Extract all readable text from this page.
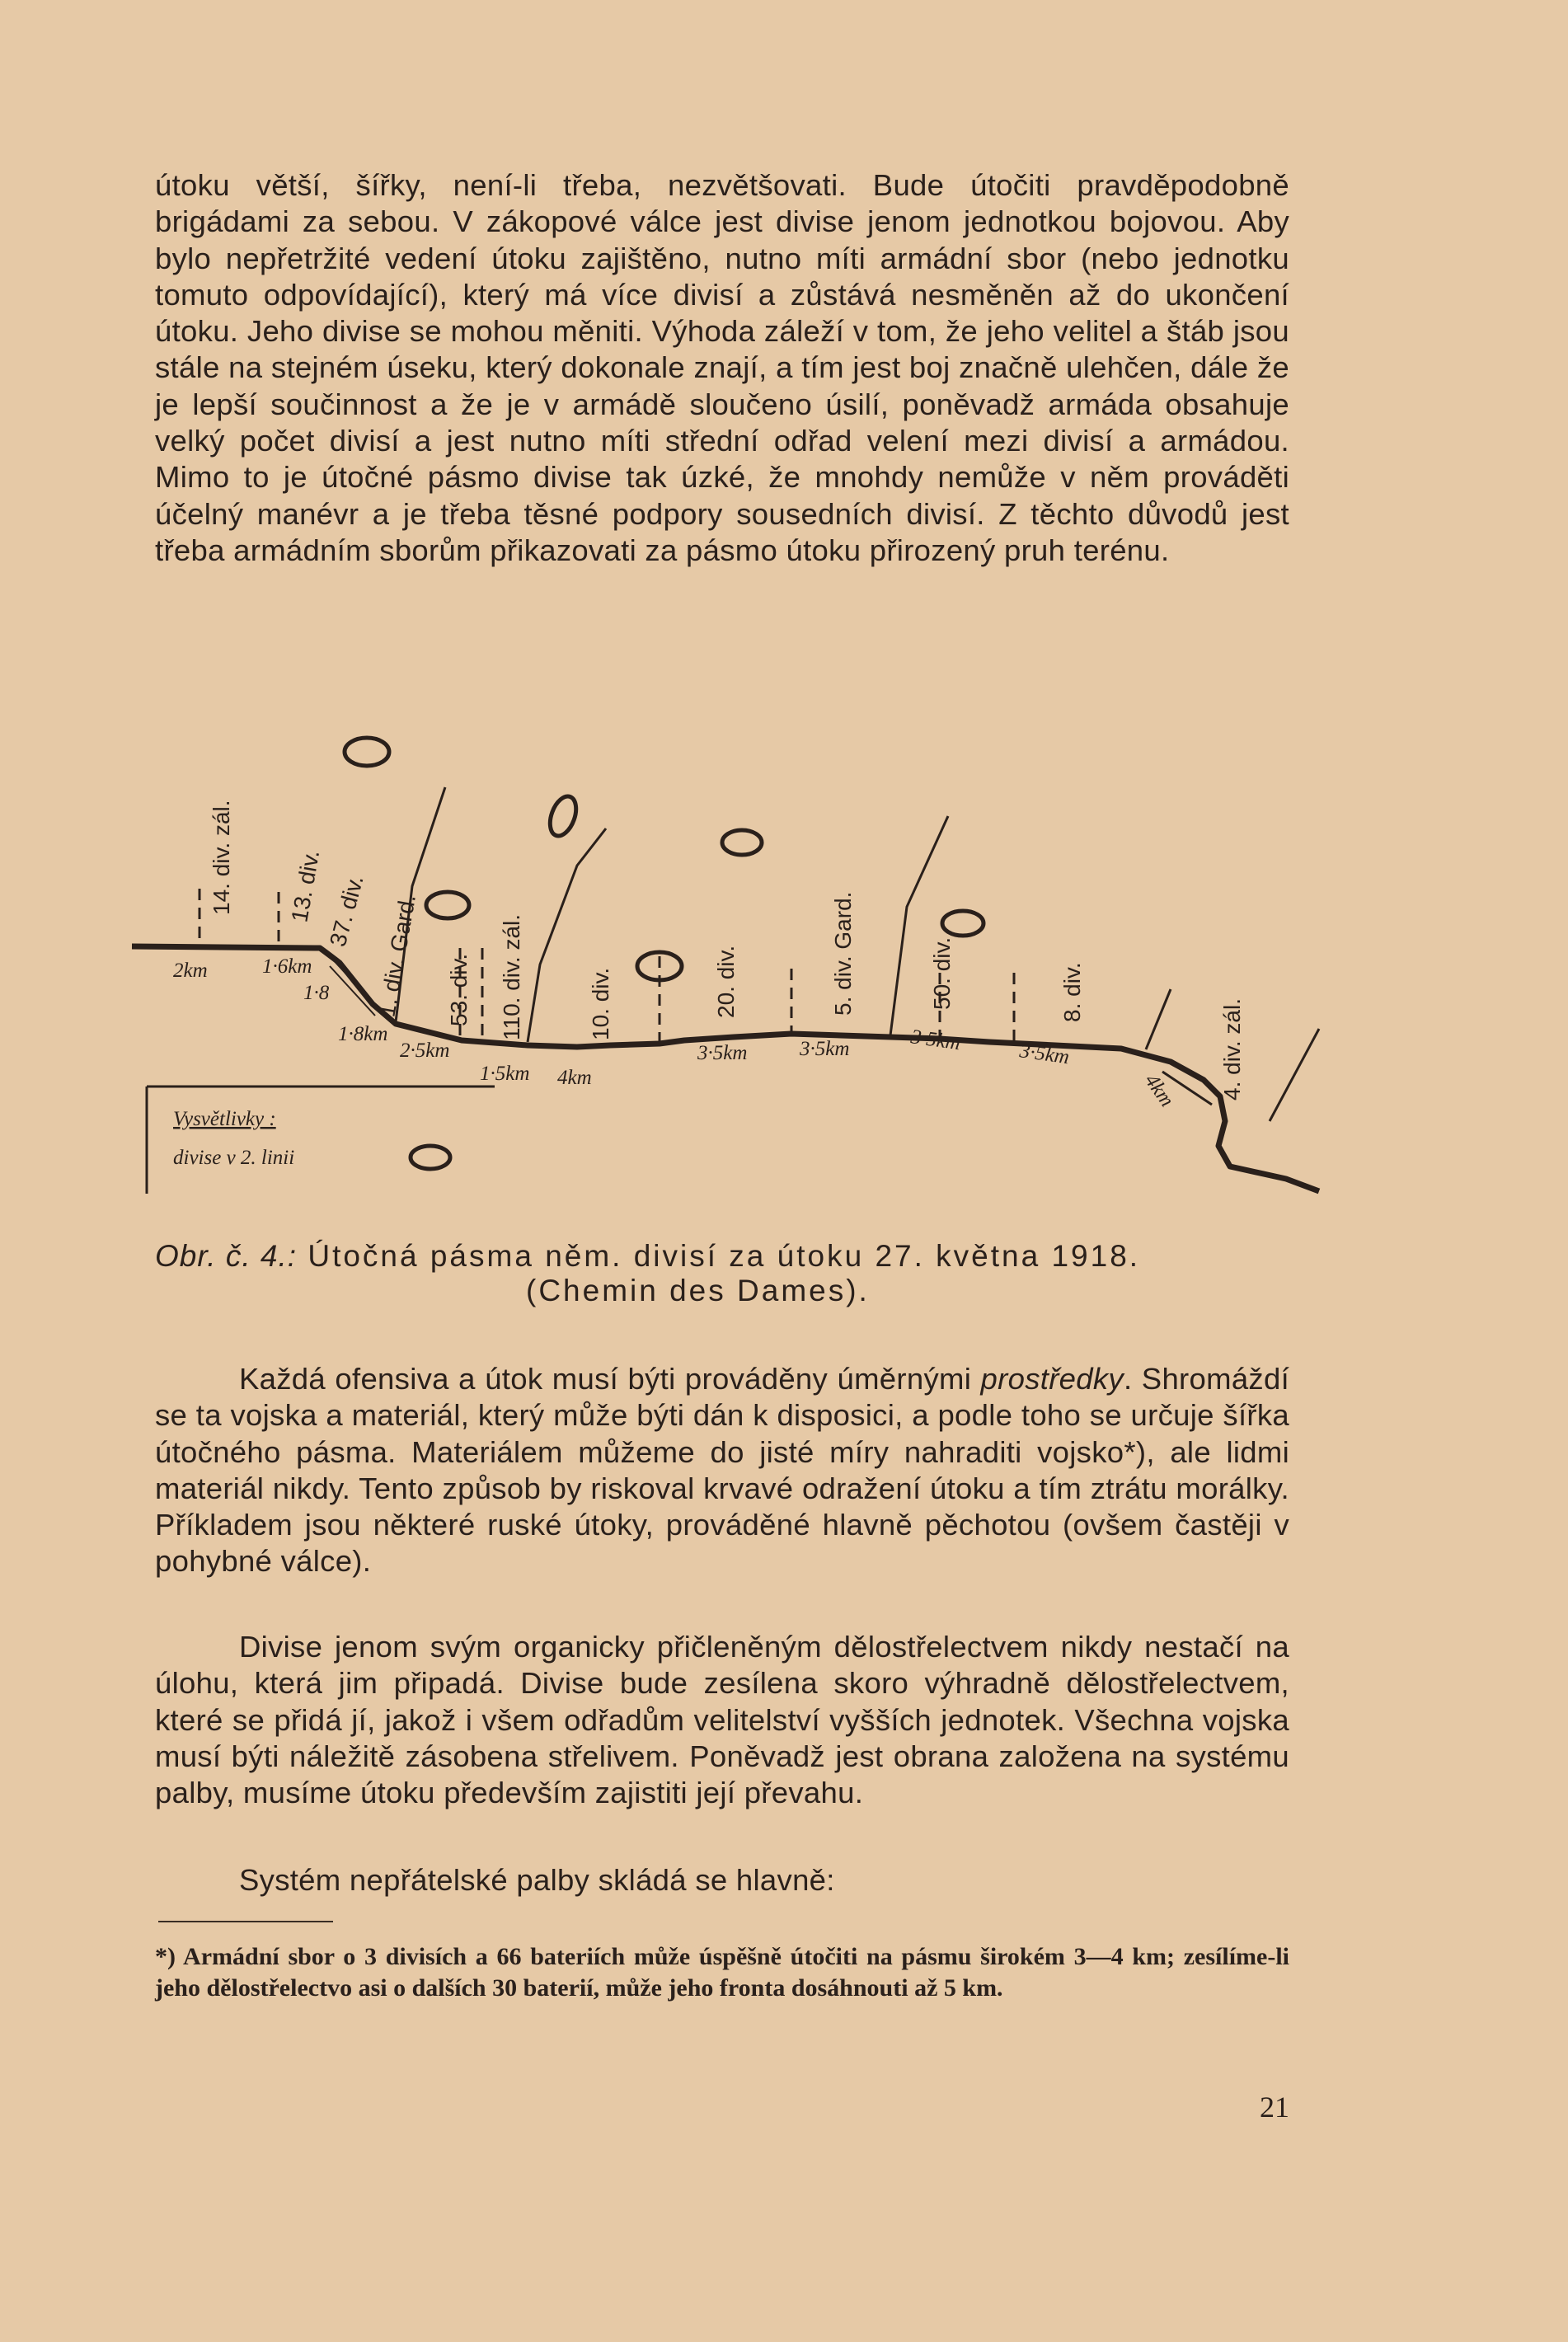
útoku větší, šířky, není-li třeba, nezvětšovati. Bude útočiti pravděpodobně brigádami za sebou. V zákopové válce jest divise jenom jednotkou bojovou. Aby bylo nepřetržité vedení útoku zajištěno, nutno míti armádní sbor (nebo jednotku tomuto odpovídající), který má více divisí a zůstává nesměněn až do ukončení útoku. Jeho divise se mohou měniti. Výhoda záleží v tom, že jeho velitel a štáb jsou stále na stejném úseku, který dokonale znají, a tím jest boj značně ulehčen, dále že je lepší součinnost a že je v armádě sloučeno úsilí, poněvadž armáda obsahuje velký počet divisí a jest nutno míti střední odřad velení mezi divisí a armádou. Mimo to je útočné pásmo divise tak úzké, že mnohdy nemůže v něm prováděti účelný manévr a je třeba těsné podpory sousedních divisí. Z těchto důvodů jest třeba armádním sborům přikazovati za pásmo útoku přirozený pruh terénu.

14. div. zál. 13. div. 37. div. 1. div. Gard. 53. div. 110. div. zál.	10. div.	20. div.	5. div. Gard.	50. div.	8. div.
4. div. zál.
2km	1·6km
1·8
1·8km
2·5km
1·5km 4km
3·5km	3·5km	3·5km	3·5km
4km
Vysvětlivky :
divise v 2. linii
Obr. č. 4.: Útočná pásma něm. divisí za útoku 27. května 1918.
(Chemin des Dames).

Každá ofensiva a útok musí býti prováděny úměrnými prostředky. Shromáždí se ta vojska a materiál, který může býti dán k disposici, a podle toho se určuje šířka útočného pásma. Materiálem můžeme do jisté míry nahraditi vojsko*), ale lidmi materiál nikdy. Tento způsob by riskoval krvavé odražení útoku a tím ztrátu morálky. Příkladem jsou některé ruské útoky, prováděné hlavně pěchotou (ovšem častěji v pohybné válce).

Divise jenom svým organicky přičleněným dělostřelectvem nikdy nestačí na úlohu, která jim připadá. Divise bude zesílena skoro výhradně dělostřelectvem, které se přidá jí, jakož i všem odřadům velitelství vyšších jednotek. Všechna vojska musí býti náležitě zásobena střelivem. Poněvadž jest obrana založena na systému palby, musíme útoku především zajistiti její převahu.

Systém nepřátelské palby skládá se hlavně:

*) Armádní sbor o 3 divisích a 66 bateriích může úspěšně útočiti na pásmu širokém 3—4 km; zesílíme-li jeho dělostřelectvo asi o dalších 30 baterií, může jeho fronta dosáhnouti až 5 km.

21
